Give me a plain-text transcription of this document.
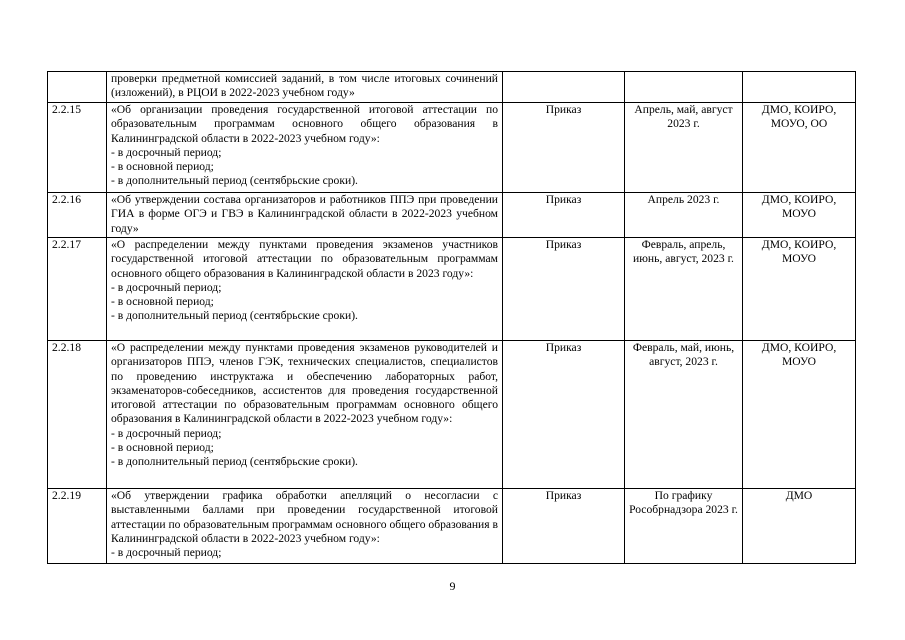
	проверки предметной комиссией заданий, в том числе итоговых сочинений (изложений), в РЦОИ в 2022-2023 учебном году»			

2.2.15	«Об организации проведения государственной итоговой аттестации по образовательным программам основного общего образования в Калининградской области в 2022-2023 учебном году»:
- в досрочный период;
- в основной период;
- в дополнительный период (сентябрьские сроки).	Приказ	Апрель, май, август 2023 г.	ДМО, КОИРО, МОУО, ОО
2.2.16	«Об утверждении состава организаторов и работников ППЭ при проведении ГИА в форме ОГЭ и ГВЭ в Калининградской области в 2022-2023 учебном году»	Приказ	Апрель 2023 г.	ДМО, КОИРО, МОУО
2.2.17	«О распределении между пунктами проведения экзаменов участников государственной итоговой аттестации по образовательным программам основного общего образования в Калининградской области в 2023 году»:
- в досрочный период;
- в основной период;
- в дополнительный период (сентябрьские сроки).	Приказ	Февраль, апрель, июнь, август, 2023 г.	ДМО, КОИРО, МОУО
2.2.18	«О распределении между пунктами проведения экзаменов руководителей и организаторов ППЭ, членов ГЭК, технических специалистов, специалистов по проведению инструктажа и обеспечению лабораторных работ, экзаменаторов-собеседников, ассистентов для проведения государственной итоговой аттестации по образовательным программам основного общего образования в Калининградской области в 2022-2023 учебном году»:
- в досрочный период;
- в основной период;
- в дополнительный период (сентябрьские сроки).	Приказ	Февраль, май, июнь, август, 2023 г.	ДМО, КОИРО, МОУО
2.2.19	«Об утверждении графика обработки апелляций о несогласии с выставленными баллами при проведении государственной итоговой аттестации по образовательным программам основного общего образования в Калининградской области в 2022-2023 учебном году»:
- в досрочный период;	Приказ	По графику Рособрнадзора 2023 г.	ДМО
9
